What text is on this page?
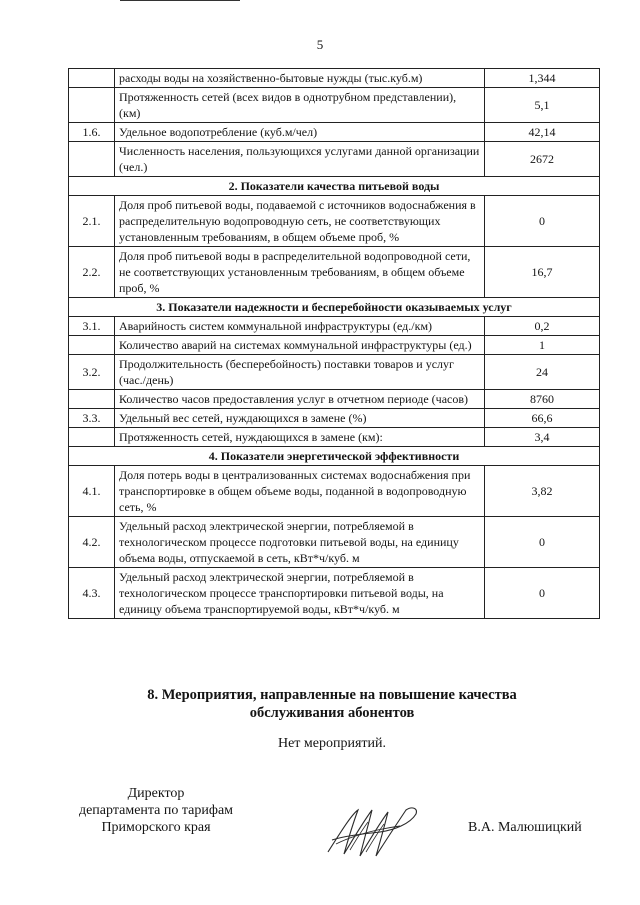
5
	расходы воды на хозяйственно-бытовые нужды (тыс.куб.м)	1,344
	Протяженность сетей (всех видов в однотрубном представлении), (км)	5,1
1.6.	Удельное водопотребление (куб.м/чел)	42,14
	Численность населения, пользующихся услугами данной организации (чел.)	2672
2. Показатели качества питьевой воды		
2.1.	Доля проб питьевой воды, подаваемой с источников водоснабжения в распределительную водопроводную сеть, не соответствующих установленным требованиям, в общем объеме проб, %	0
2.2.	Доля проб питьевой воды в распределительной водопроводной сети, не соответствующих установленным требованиям, в общем объеме проб, %	16,7
3. Показатели надежности и бесперебойности оказываемых услуг		
3.1.	Аварийность систем коммунальной инфраструктуры (ед./км)	0,2
	Количество аварий на системах коммунальной инфраструктуры (ед.)	1
3.2.	Продолжительность (бесперебойность) поставки товаров и услуг (час./день)	24
	Количество часов предоставления услуг в отчетном периоде (часов)	8760
3.3.	Удельный вес сетей, нуждающихся в замене (%)	66,6
	Протяженность сетей, нуждающихся в замене (км):	3,4
4. Показатели энергетической эффективности		
4.1.	Доля потерь воды в централизованных системах водоснабжения при транспортировке в общем объеме воды, поданной в водопроводную сеть, %	3,82
4.2.	Удельный расход электрической энергии, потребляемой в технологическом процессе подготовки питьевой воды, на единицу объема воды, отпускаемой в сеть, кВт*ч/куб. м	0
4.3.	Удельный расход электрической энергии, потребляемой в технологическом процессе транспортировки питьевой воды, на единицу объема транспортируемой воды, кВт*ч/куб. м	0
8. Мероприятия, направленные на повышение качества
обслуживания абонентов
Нет мероприятий.
Директор
департамента по тарифам
Приморского края	В.А. Малюшицкий
